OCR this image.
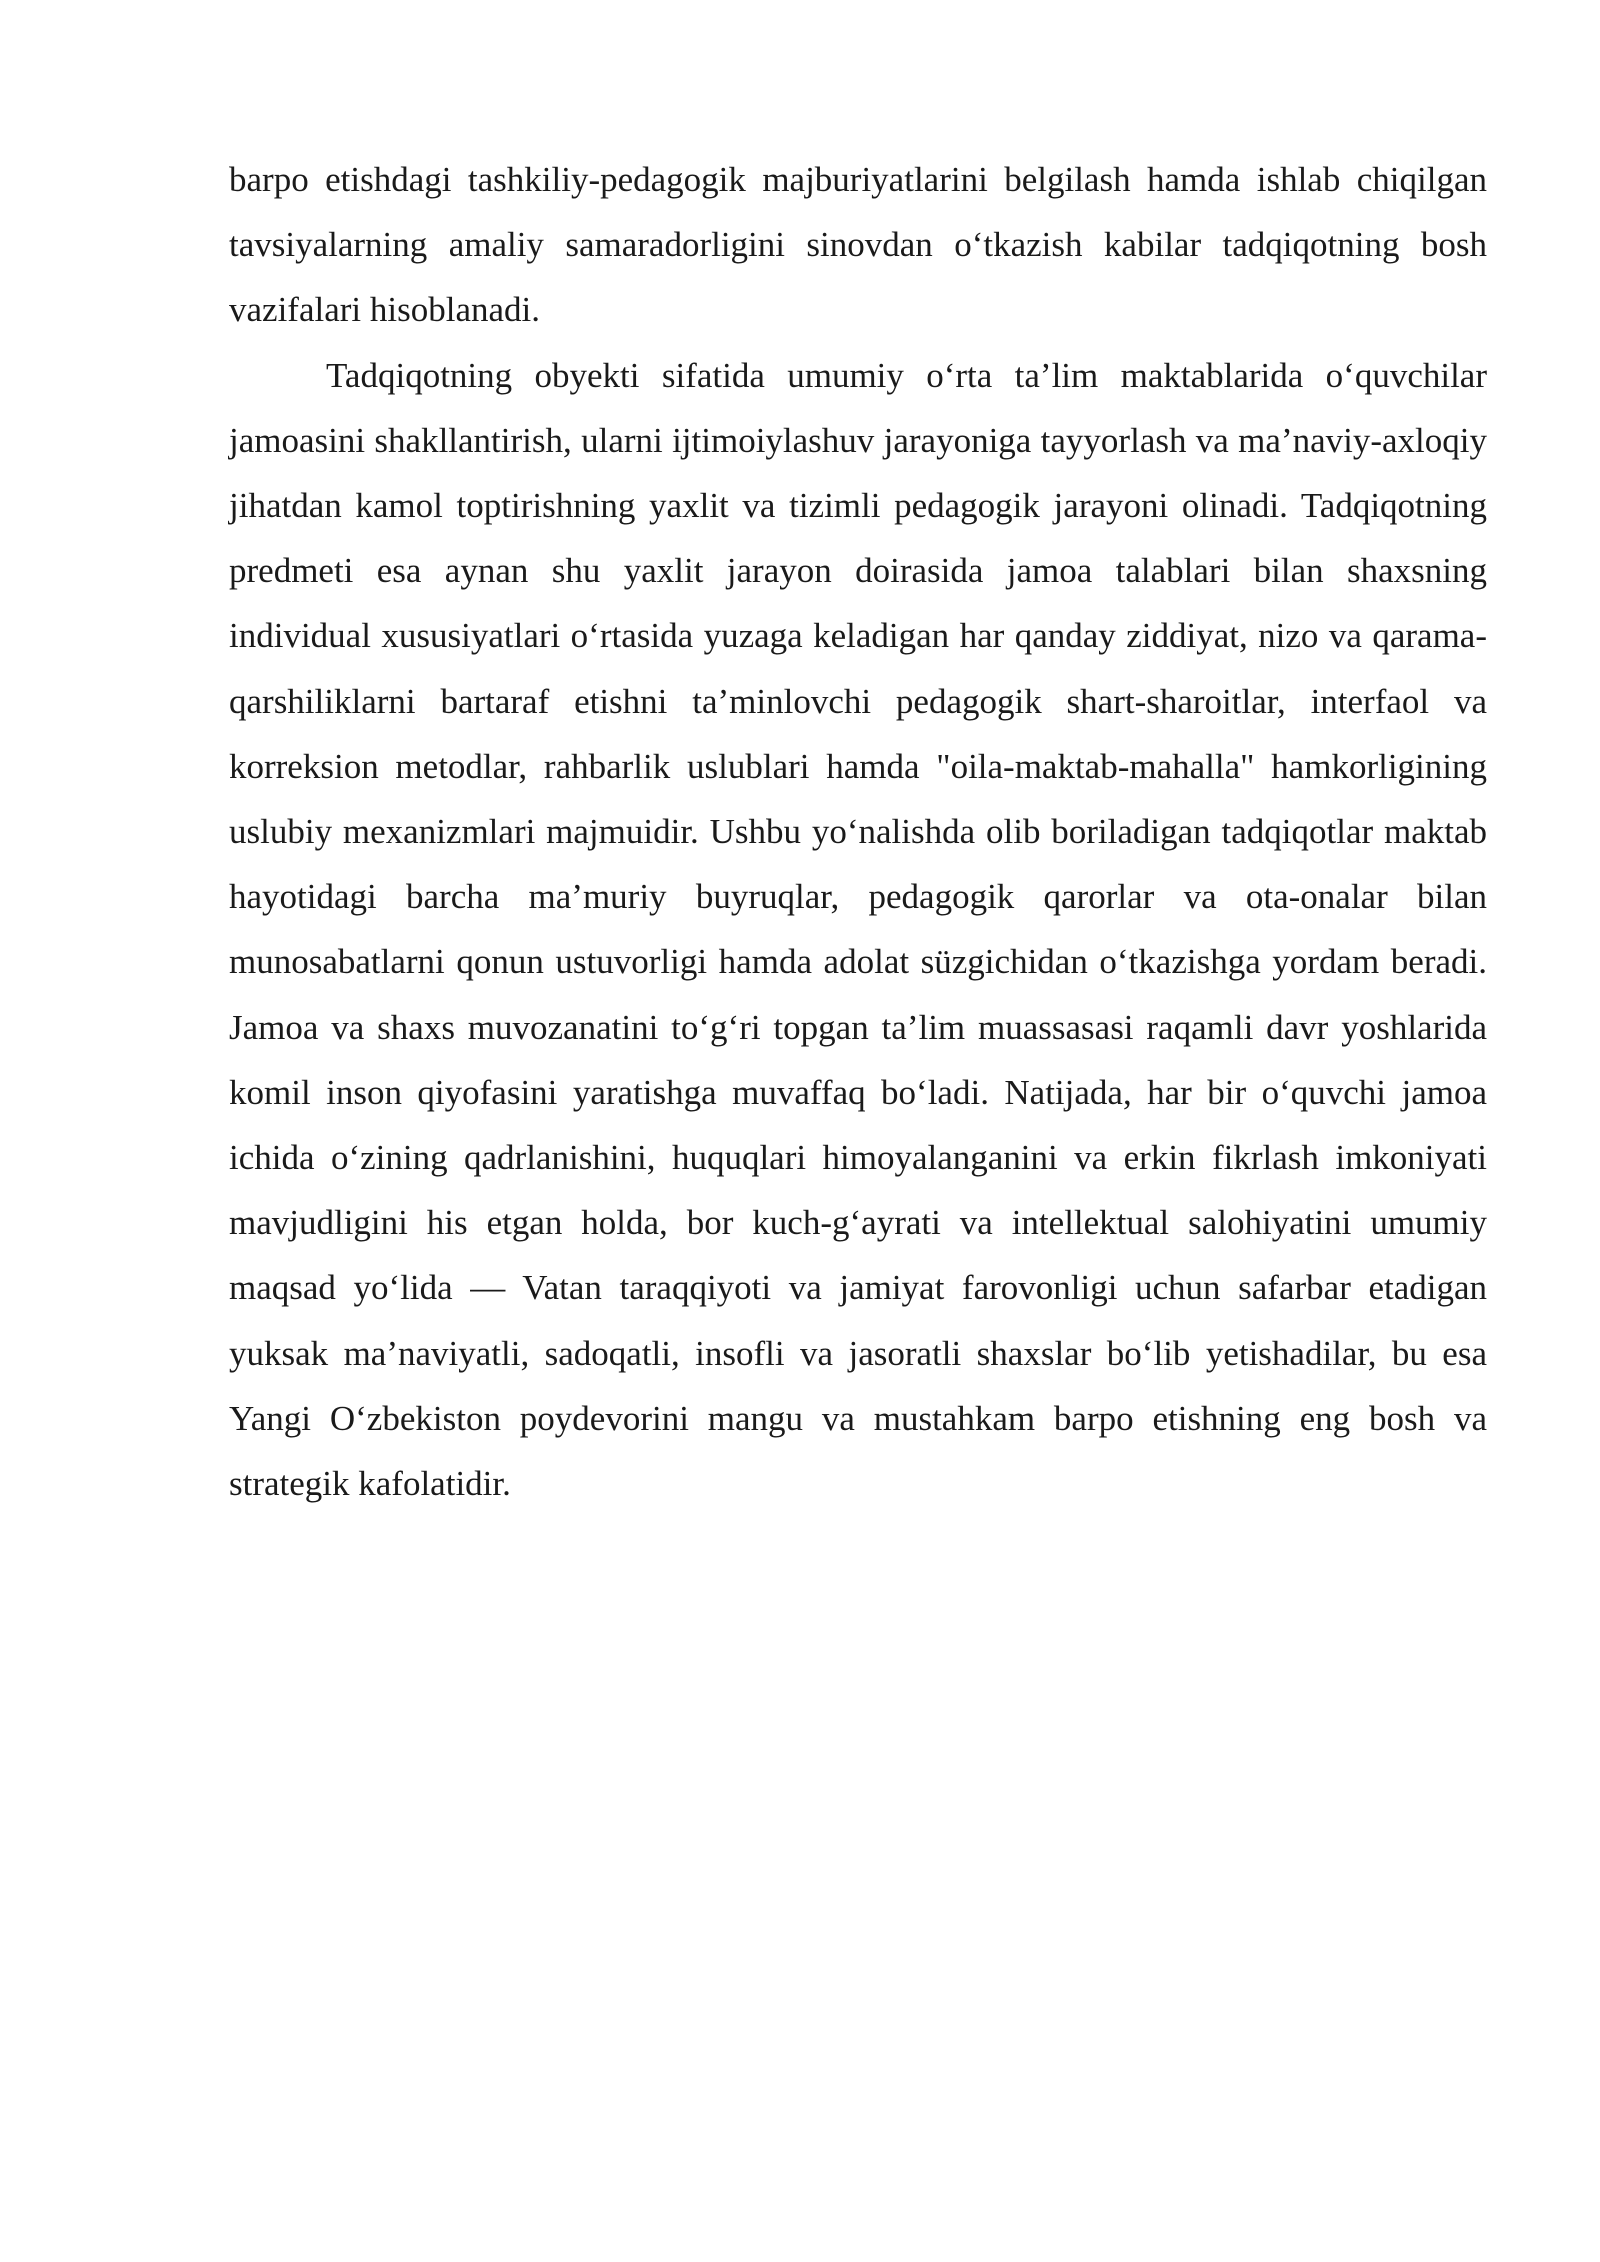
barpo etishdagi tashkiliy-pedagogik majburiyatlarini belgilash hamda ishlab chiqilgan tavsiyalarning amaliy samaradorligini sinovdan o‘tkazish kabilar tadqiqotning bosh vazifalari hisoblanadi.

Tadqiqotning obyekti sifatida umumiy o‘rta ta’lim maktablarida o‘quvchilar jamoasini shakllantirish, ularni ijtimoiylashuv jarayoniga tayyorlash va ma’naviy-axloqiy jihatdan kamol toptirishning yaxlit va tizimli pedagogik jarayoni olinadi. Tadqiqotning predmeti esa aynan shu yaxlit jarayon doirasida jamoa talablari bilan shaxsning individual xususiyatlari o‘rtasida yuzaga keladigan har qanday ziddiyat, nizo va qarama-qarshiliklarni bartaraf etishni ta’minlovchi pedagogik shart-sharoitlar, interfaol va korreksion metodlar, rahbarlik uslublari hamda "oila-maktab-mahalla" hamkorligining uslubiy mexanizmlari majmuidir. Ushbu yo‘nalishda olib boriladigan tadqiqotlar maktab hayotidagi barcha ma’muriy buyruqlar, pedagogik qarorlar va ota-onalar bilan munosabatlarni qonun ustuvorligi hamda adolat süzgichidan o‘tkazishga yordam beradi. Jamoa va shaxs muvozanatini to‘g‘ri topgan ta’lim muassasasi raqamli davr yoshlarida komil inson qiyofasini yaratishga muvaffaq bo‘ladi. Natijada, har bir o‘quvchi jamoa ichida o‘zining qadrlanishini, huquqlari himoyalanganini va erkin fikrlash imkoniyati mavjudligini his etgan holda, bor kuch-g‘ayrati va intellektual salohiyatini umumiy maqsad yo‘lida — Vatan taraqqiyoti va jamiyat farovonligi uchun safarbar etadigan yuksak ma’naviyatli, sadoqatli, insofli va jasoratli shaxslar bo‘lib yetishadilar, bu esa Yangi O‘zbekiston poydevorini mangu va mustahkam barpo etishning eng bosh va strategik kafolatidir.
